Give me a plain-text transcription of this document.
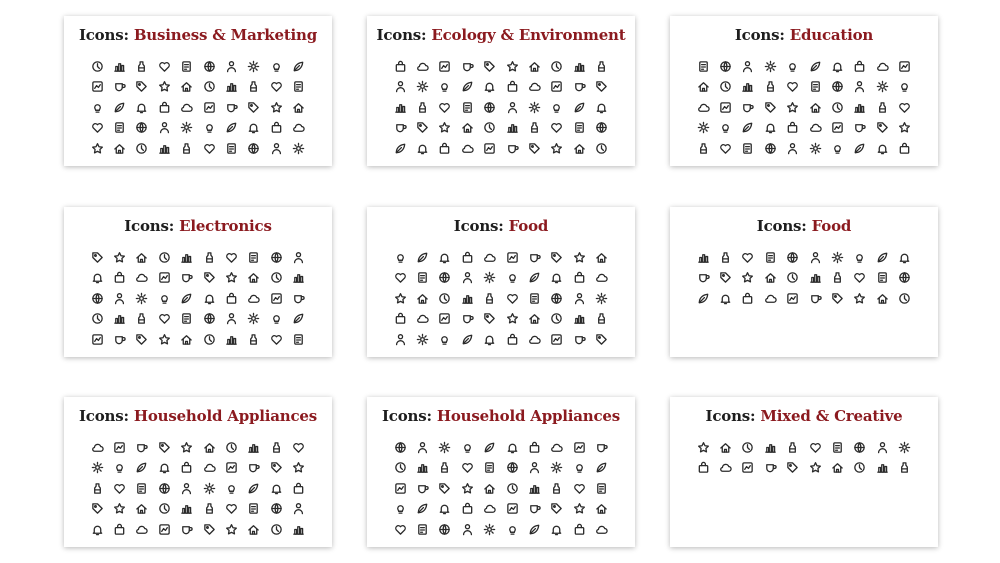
Icons: Business & Marketing	Icons: Ecology & Environment	Icons: Education
Icons: Electronics	Icons: Food	Icons: Food
Icons: Household Appliances	Icons: Household Appliances	Icons: Mixed & Creative
